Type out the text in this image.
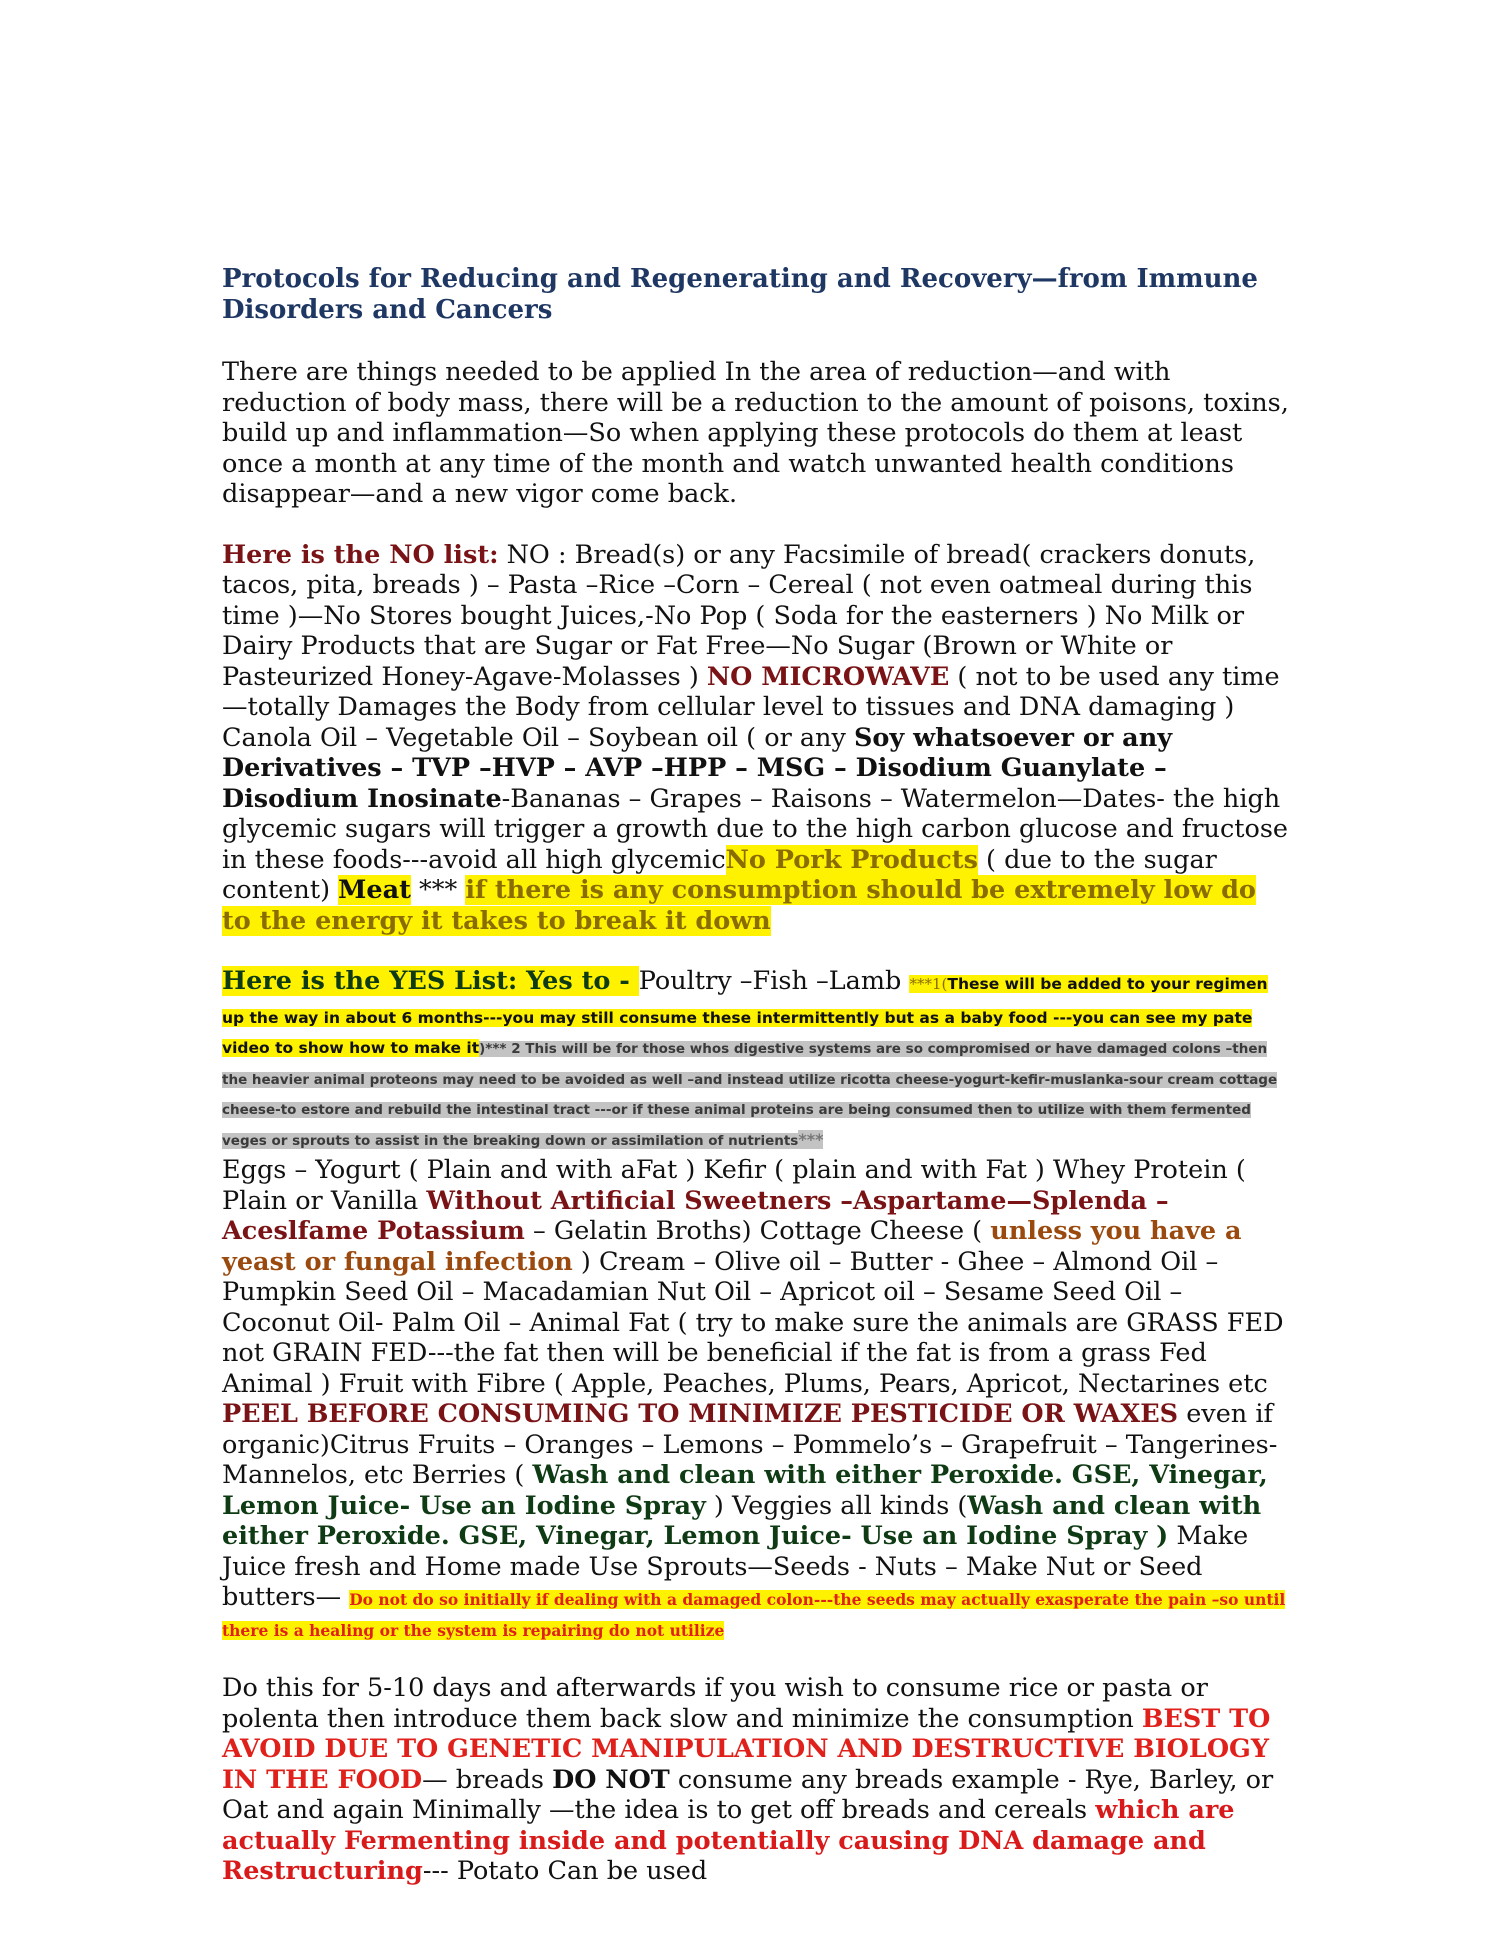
Protocols for Reducing and Regenerating and Recovery—from Immune Disorders and Cancers

There are things needed to be applied In the area of reduction—and with reduction of body mass, there will be a reduction to the amount of poisons, toxins, build up and inflammation—So when applying these protocols do them at least once a month at any time of the month and watch unwanted health conditions disappear—and a new vigor come back.

Here is the NO list: NO : Bread(s) or any Facsimile of bread( crackers donuts, tacos, pita, breads ) – Pasta –Rice –Corn – Cereal ( not even oatmeal during this time )—No Stores bought Juices,-No Pop ( Soda for the easterners ) No Milk or Dairy Products that are Sugar or Fat Free—No Sugar (Brown or White or Pasteurized Honey-Agave-Molasses ) NO MICROWAVE ( not to be used any time—totally Damages the Body from cellular level to tissues and DNA damaging ) Canola Oil – Vegetable Oil – Soybean oil ( or any Soy whatsoever or any Derivatives – TVP –HVP – AVP –HPP – MSG – Disodium Guanylate – Disodium Inosinate-Bananas – Grapes – Raisons – Watermelon—Dates- the high glycemic sugars will trigger a growth due to the high carbon glucose and fructose in these foods---avoid all high glycemicNo Pork Products ( due to the sugar content) Meat *** if there is any consumption should be extremely low do to the energy it takes to break it down

Here is the YES List: Yes to - Poultry –Fish –Lamb ***1(These will be added to your regimen up the way in about 6 months---you may still consume these intermittently but as a baby food ---you can see my pate video to show how to make it)*** 2 This will be for those whos digestive systems are so compromised or have damaged colons –then the heavier animal proteons may need to be avoided as well –and instead utilize ricotta cheese-yogurt-kefir-muslanka-sour cream cottage cheese-to estore and rebuild the intestinal tract ---or if these animal proteins are being consumed then to utilize with them fermented veges or sprouts to assist in the breaking down or assimilation of nutrients***
Eggs – Yogurt ( Plain and with aFat ) Kefir ( plain and with Fat ) Whey Protein ( Plain or Vanilla Without Artificial Sweetners –Aspartame—Splenda – Aceslfame Potassium – Gelatin Broths) Cottage Cheese ( unless you have a yeast or fungal infection ) Cream – Olive oil – Butter - Ghee – Almond Oil – Pumpkin Seed Oil – Macadamian Nut Oil – Apricot oil – Sesame Seed Oil – Coconut Oil- Palm Oil – Animal Fat ( try to make sure the animals are GRASS FED not GRAIN FED---the fat then will be beneficial if the fat is from a grass Fed Animal ) Fruit with Fibre ( Apple, Peaches, Plums, Pears, Apricot, Nectarines etc PEEL BEFORE CONSUMING TO MINIMIZE PESTICIDE OR WAXES even if organic)Citrus Fruits – Oranges – Lemons – Pommelo’s – Grapefruit – Tangerines- Mannelos, etc Berries ( Wash and clean with either Peroxide. GSE, Vinegar, Lemon Juice- Use an Iodine Spray ) Veggies all kinds (Wash and clean with either Peroxide. GSE, Vinegar, Lemon Juice- Use an Iodine Spray ) Make Juice fresh and Home made Use Sprouts—Seeds - Nuts – Make Nut or Seed butters— Do not do so initially if dealing with a damaged colon---the seeds may actually exasperate the pain –so until there is a healing or the system is repairing do not utilize

Do this for 5-10 days and afterwards if you wish to consume rice or pasta or polenta then introduce them back slow and minimize the consumption BEST TO AVOID DUE TO GENETIC MANIPULATION AND DESTRUCTIVE BIOLOGY IN THE FOOD— breads DO NOT consume any breads example - Rye, Barley, or Oat and again Minimally —the idea is to get off breads and cereals which are actually Fermenting inside and potentially causing DNA damage and Restructuring--- Potato Can be used
